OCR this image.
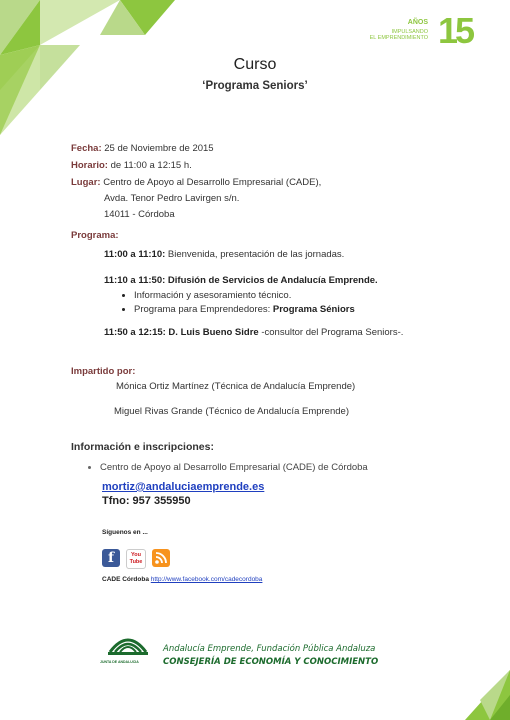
AÑOS
IMPULSANDO
EL EMPRENDIMIENTO 15
Curso
‘Programa Seniors’
Fecha: 25 de Noviembre de 2015
Horario: de 11:00 a 12:15 h.
Lugar: Centro de Apoyo al Desarrollo Empresarial (CADE),
Avda. Tenor Pedro Lavirgen s/n.
14011 - Córdoba
Programa:
11:00 a 11:10: Bienvenida, presentación de las jornadas.
11:10 a 11:50: Difusión de Servicios de Andalucía Emprende.
Información y asesoramiento técnico.
Programa para Emprendedores: Programa Séniors
11:50 a 12:15: D. Luis Bueno Sidre -consultor del Programa Seniors-.
Impartido por:
Mónica Ortiz Martínez (Técnica de Andalucía Emprende)
Miguel Rivas Grande (Técnico de Andalucía Emprende)
Información e inscripciones:
Centro de Apoyo al Desarrollo Empresarial (CADE) de Córdoba
mortiz@andaluciaemprende.es
Tfno: 957 355950
Síguenos en ...
f	You Tube
CADE Córdoba http://www.facebook.com/cadecordoba
JUNTA DE ANDALUCIA
Andalucía Emprende, Fundación Pública Andaluza
CONSEJERÍA DE ECONOMÍA Y CONOCIMIENTO
